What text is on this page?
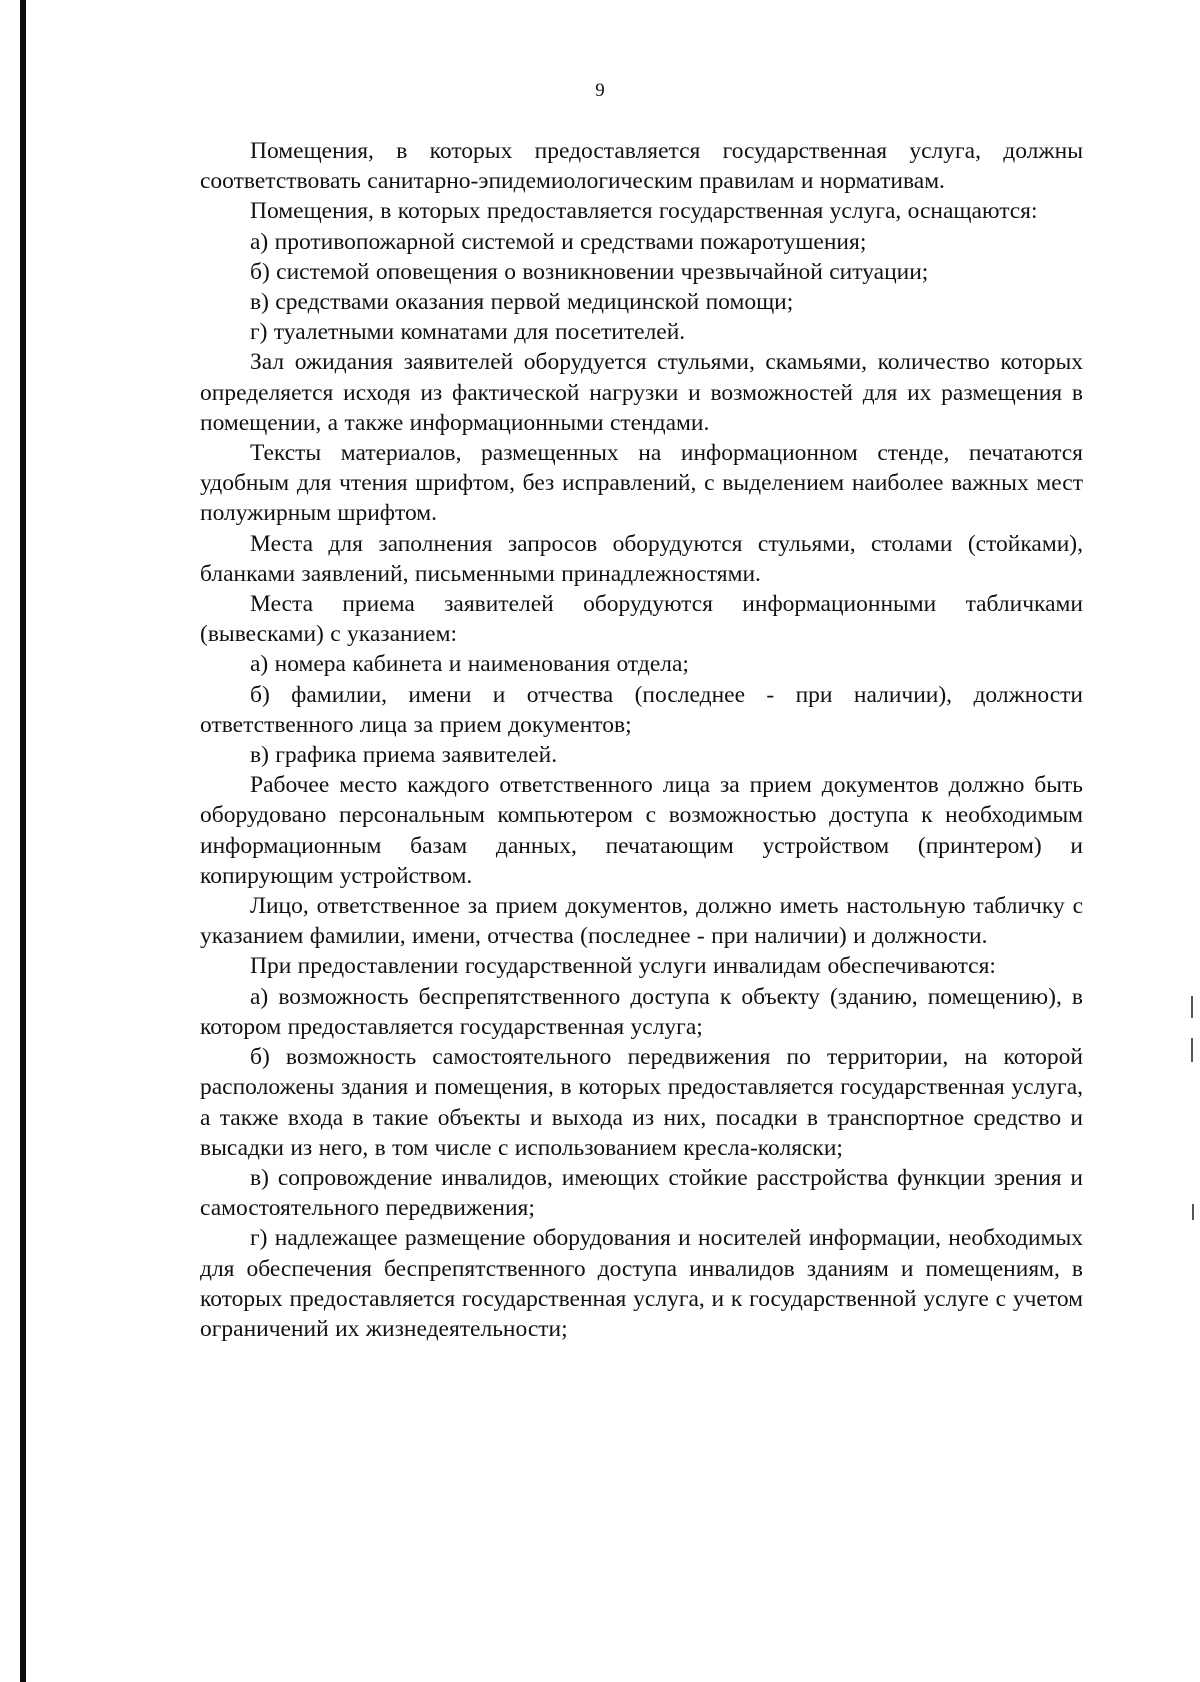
9

Помещения, в которых предоставляется государственная услуга, должны соответствовать санитарно-эпидемиологическим правилам и нормативам.

Помещения, в которых предоставляется государственная услуга, оснащаются:

а) противопожарной системой и средствами пожаротушения;

б) системой оповещения о возникновении чрезвычайной ситуации;

в) средствами оказания первой медицинской помощи;

г) туалетными комнатами для посетителей.

Зал ожидания заявителей оборудуется стульями, скамьями, количество которых определяется исходя из фактической нагрузки и возможностей для их размещения в помещении, а также информационными стендами.

Тексты материалов, размещенных на информационном стенде, печатаются удобным для чтения шрифтом, без исправлений, с выделением наиболее важных мест полужирным шрифтом.

Места для заполнения запросов оборудуются стульями, столами (стойками), бланками заявлений, письменными принадлежностями.

Места приема заявителей оборудуются информационными табличками (вывесками) с указанием:

а) номера кабинета и наименования отдела;

б) фамилии, имени и отчества (последнее - при наличии), должности ответственного лица за прием документов;

в) графика приема заявителей.

Рабочее место каждого ответственного лица за прием документов должно быть оборудовано персональным компьютером с возможностью доступа к необходимым информационным базам данных, печатающим устройством (принтером) и копирующим устройством.

Лицо, ответственное за прием документов, должно иметь настольную табличку с указанием фамилии, имени, отчества (последнее - при наличии) и должности.

При предоставлении государственной услуги инвалидам обеспечиваются:

а) возможность беспрепятственного доступа к объекту (зданию, помещению), в котором предоставляется государственная услуга;

б) возможность самостоятельного передвижения по территории, на которой расположены здания и помещения, в которых предоставляется государственная услуга, а также входа в такие объекты и выхода из них, посадки в транспортное средство и высадки из него, в том числе с использованием кресла-коляски;

в) сопровождение инвалидов, имеющих стойкие расстройства функции зрения и самостоятельного передвижения;

г) надлежащее размещение оборудования и носителей информации, необходимых для обеспечения беспрепятственного доступа инвалидов зданиям и помещениям, в которых предоставляется государственная услуга, и к государственной услуге с учетом ограничений их жизнедеятельности;
